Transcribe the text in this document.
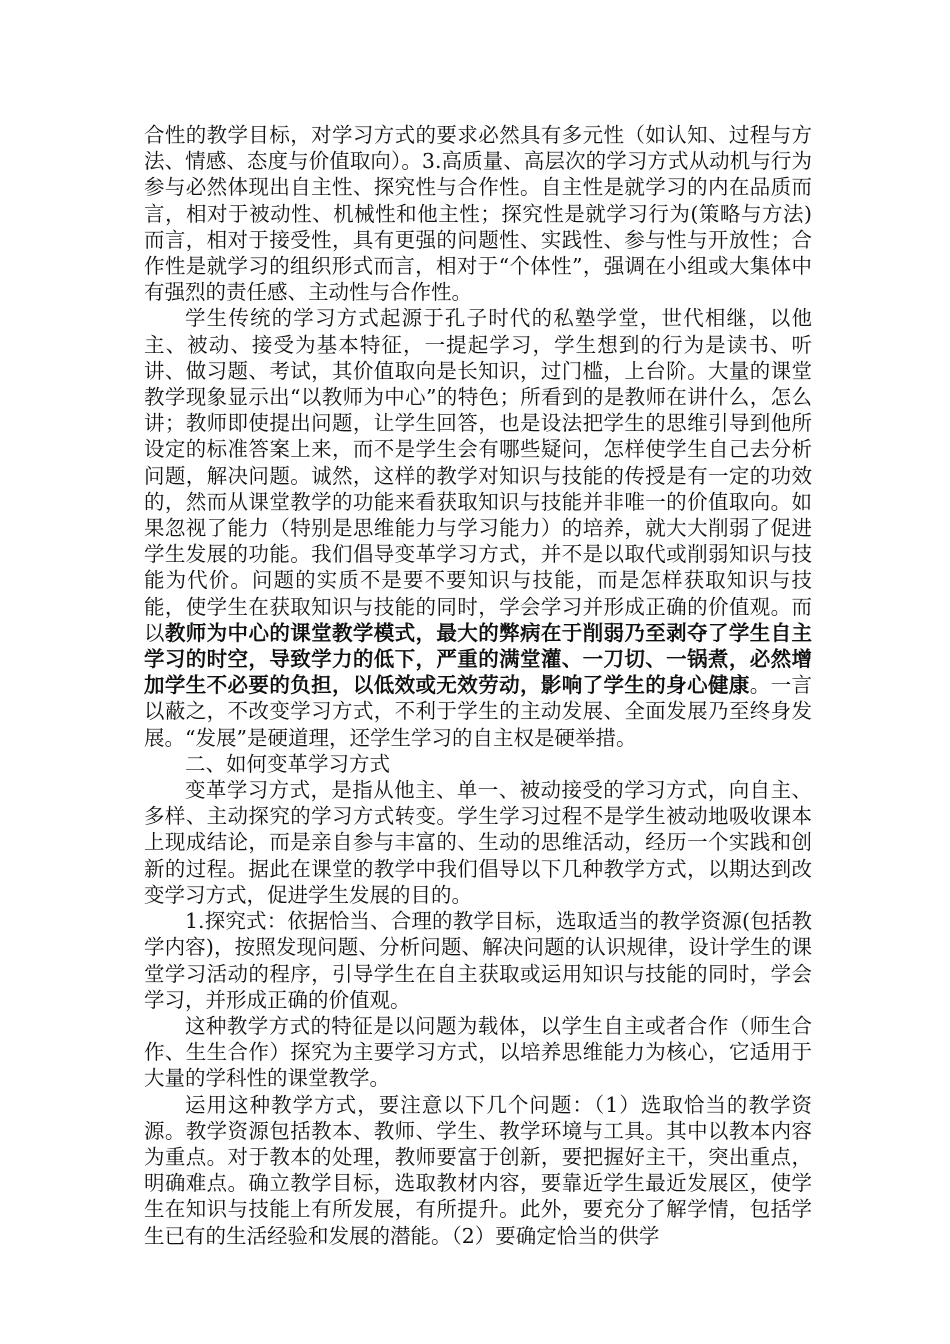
合性的教学目标，对学习方式的要求必然具有多元性（如认知、过程与方法、情感、态度与价值取向）。3.高质量、高层次的学习方式从动机与行为参与必然体现出自主性、探究性与合作性。自主性是就学习的内在品质而言，相对于被动性、机械性和他主性；探究性是就学习行为(策略与方法)而言，相对于接受性，具有更强的问题性、实践性、参与性与开放性；合作性是就学习的组织形式而言，相对于“个体性”，强调在小组或大集体中有强烈的责任感、主动性与合作性。

学生传统的学习方式起源于孔子时代的私塾学堂，世代相继，以他主、被动、接受为基本特征，一提起学习，学生想到的行为是读书、听讲、做习题、考试，其价值取向是长知识，过门槛，上台阶。大量的课堂教学现象显示出“以教师为中心”的特色；所看到的是教师在讲什么，怎么讲；教师即使提出问题，让学生回答，也是设法把学生的思维引导到他所设定的标准答案上来，而不是学生会有哪些疑问，怎样使学生自己去分析问题，解决问题。诚然，这样的教学对知识与技能的传授是有一定的功效的，然而从课堂教学的功能来看获取知识与技能并非唯一的价值取向。如果忽视了能力（特别是思维能力与学习能力）的培养，就大大削弱了促进学生发展的功能。我们倡导变革学习方式，并不是以取代或削弱知识与技能为代价。问题的实质不是要不要知识与技能，而是怎样获取知识与技能，使学生在获取知识与技能的同时，学会学习并形成正确的价值观。而以教师为中心的课堂教学模式，最大的弊病在于削弱乃至剥夺了学生自主学习的时空，导致学力的低下，严重的满堂灌、一刀切、一锅煮，必然增加学生不必要的负担，以低效或无效劳动，影响了学生的身心健康。一言以蔽之，不改变学习方式，不利于学生的主动发展、全面发展乃至终身发展。“发展”是硬道理，还学生学习的自主权是硬举措。

二、如何变革学习方式

变革学习方式，是指从他主、单一、被动接受的学习方式，向自主、多样、主动探究的学习方式转变。学生学习过程不是学生被动地吸收课本上现成结论，而是亲自参与丰富的、生动的思维活动，经历一个实践和创新的过程。据此在课堂的教学中我们倡导以下几种教学方式，以期达到改变学习方式，促进学生发展的目的。

1.探究式：依据恰当、合理的教学目标，选取适当的教学资源(包括教学内容)，按照发现问题、分析问题、解决问题的认识规律，设计学生的课堂学习活动的程序，引导学生在自主获取或运用知识与技能的同时，学会学习，并形成正确的价值观。

这种教学方式的特征是以问题为载体，以学生自主或者合作（师生合作、生生合作）探究为主要学习方式，以培养思维能力为核心，它适用于大量的学科性的课堂教学。

运用这种教学方式，要注意以下几个问题：（1）选取恰当的教学资源。教学资源包括教本、教师、学生、教学环境与工具。其中以教本内容为重点。对于教本的处理，教师要富于创新，要把握好主干，突出重点，明确难点。确立教学目标，选取教材内容，要靠近学生最近发展区，使学生在知识与技能上有所发展，有所提升。此外，要充分了解学情，包括学生已有的生活经验和发展的潜能。（2）要确定恰当的供学
